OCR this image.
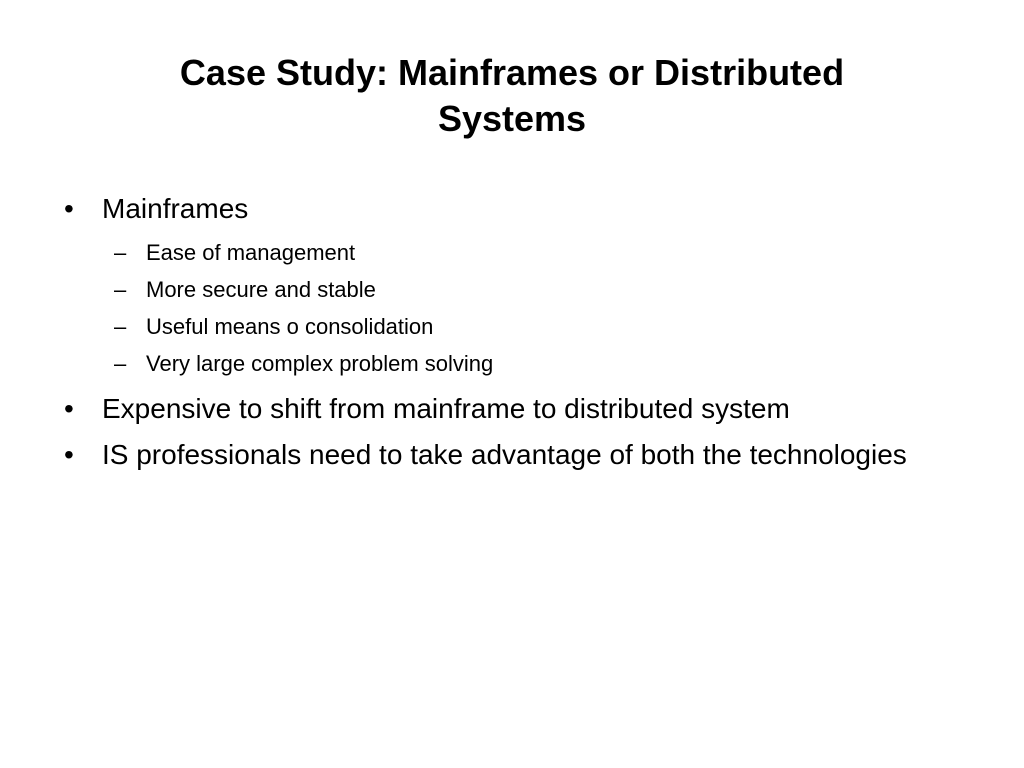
Case Study: Mainframes or Distributed
Systems
• Mainframes
– Ease of management
– More secure and stable
– Useful means o consolidation
– Very large complex problem solving
• Expensive to shift from mainframe to distributed system
• IS professionals need to take advantage of both the technologies
